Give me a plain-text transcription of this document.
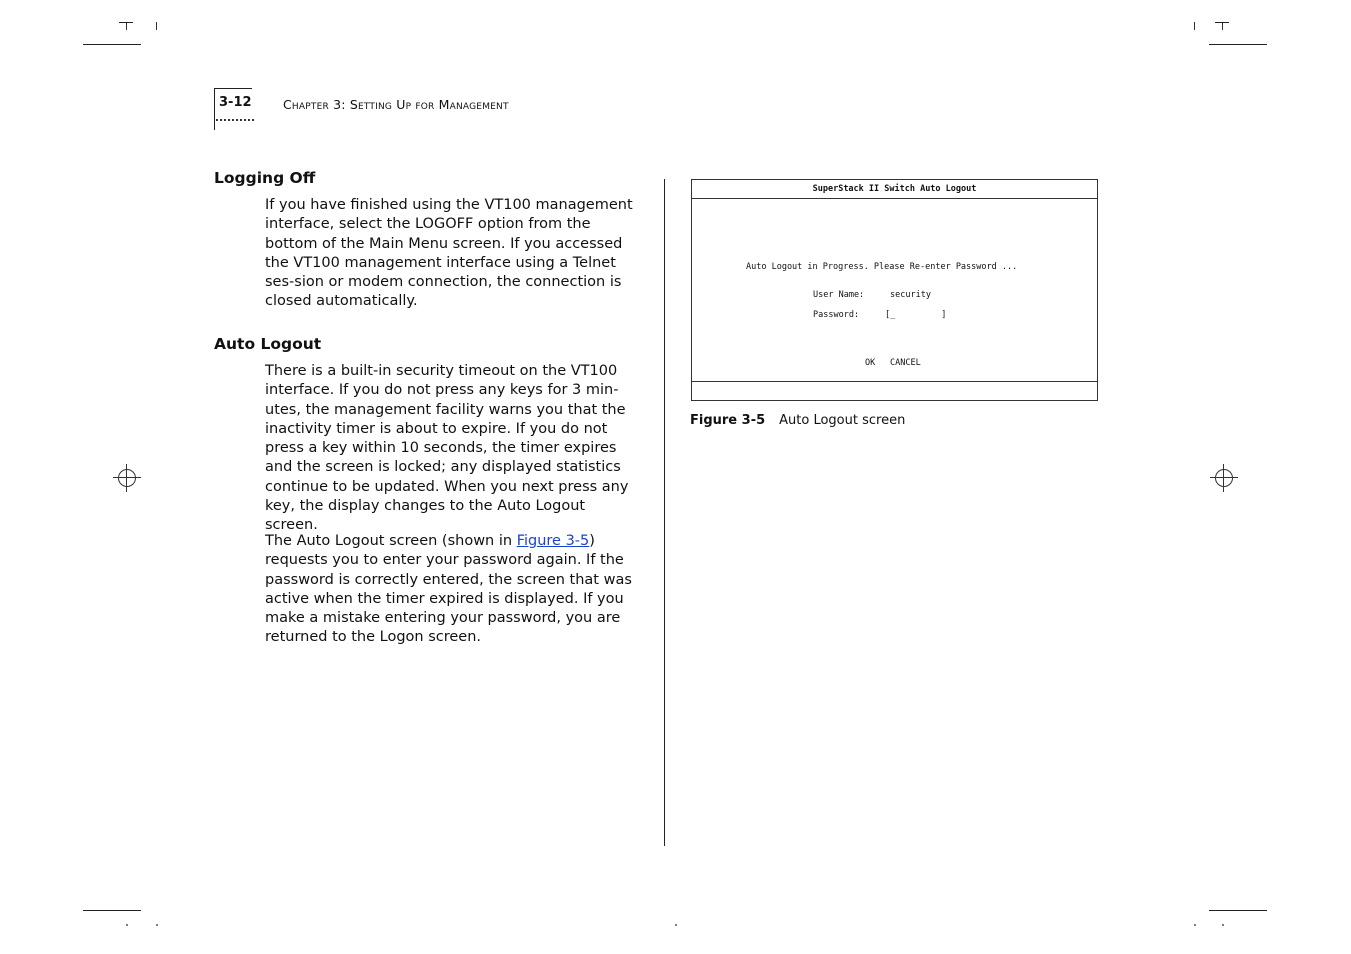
3-12	Chapter 3: Setting Up for Management
Logging Off

If you have finished using the VT100 management interface, select the LOGOFF option from the bottom of the Main Menu screen. If you accessed the VT100 management interface using a Telnet ses-sion or modem connection, the connection is closed automatically.

Auto Logout

There is a built-in security timeout on the VT100 interface. If you do not press any keys for 3 min-utes, the management facility warns you that the inactivity timer is about to expire. If you do not press a key within 10 seconds, the timer expires and the screen is locked; any displayed statistics continue to be updated. When you next press any key, the display changes to the Auto Logout screen.

The Auto Logout screen (shown in Figure 3-5) requests you to enter your password again. If the password is correctly entered, the screen that was active when the timer expired is displayed. If you make a mistake entering your password, you are returned to the Logon screen.

SuperStack II Switch Auto Logout
Auto Logout in Progress. Please Re-enter Password ...
User Name:	security
Password:	[_         ]
OK CANCEL
Figure 3-5 Auto Logout screen
